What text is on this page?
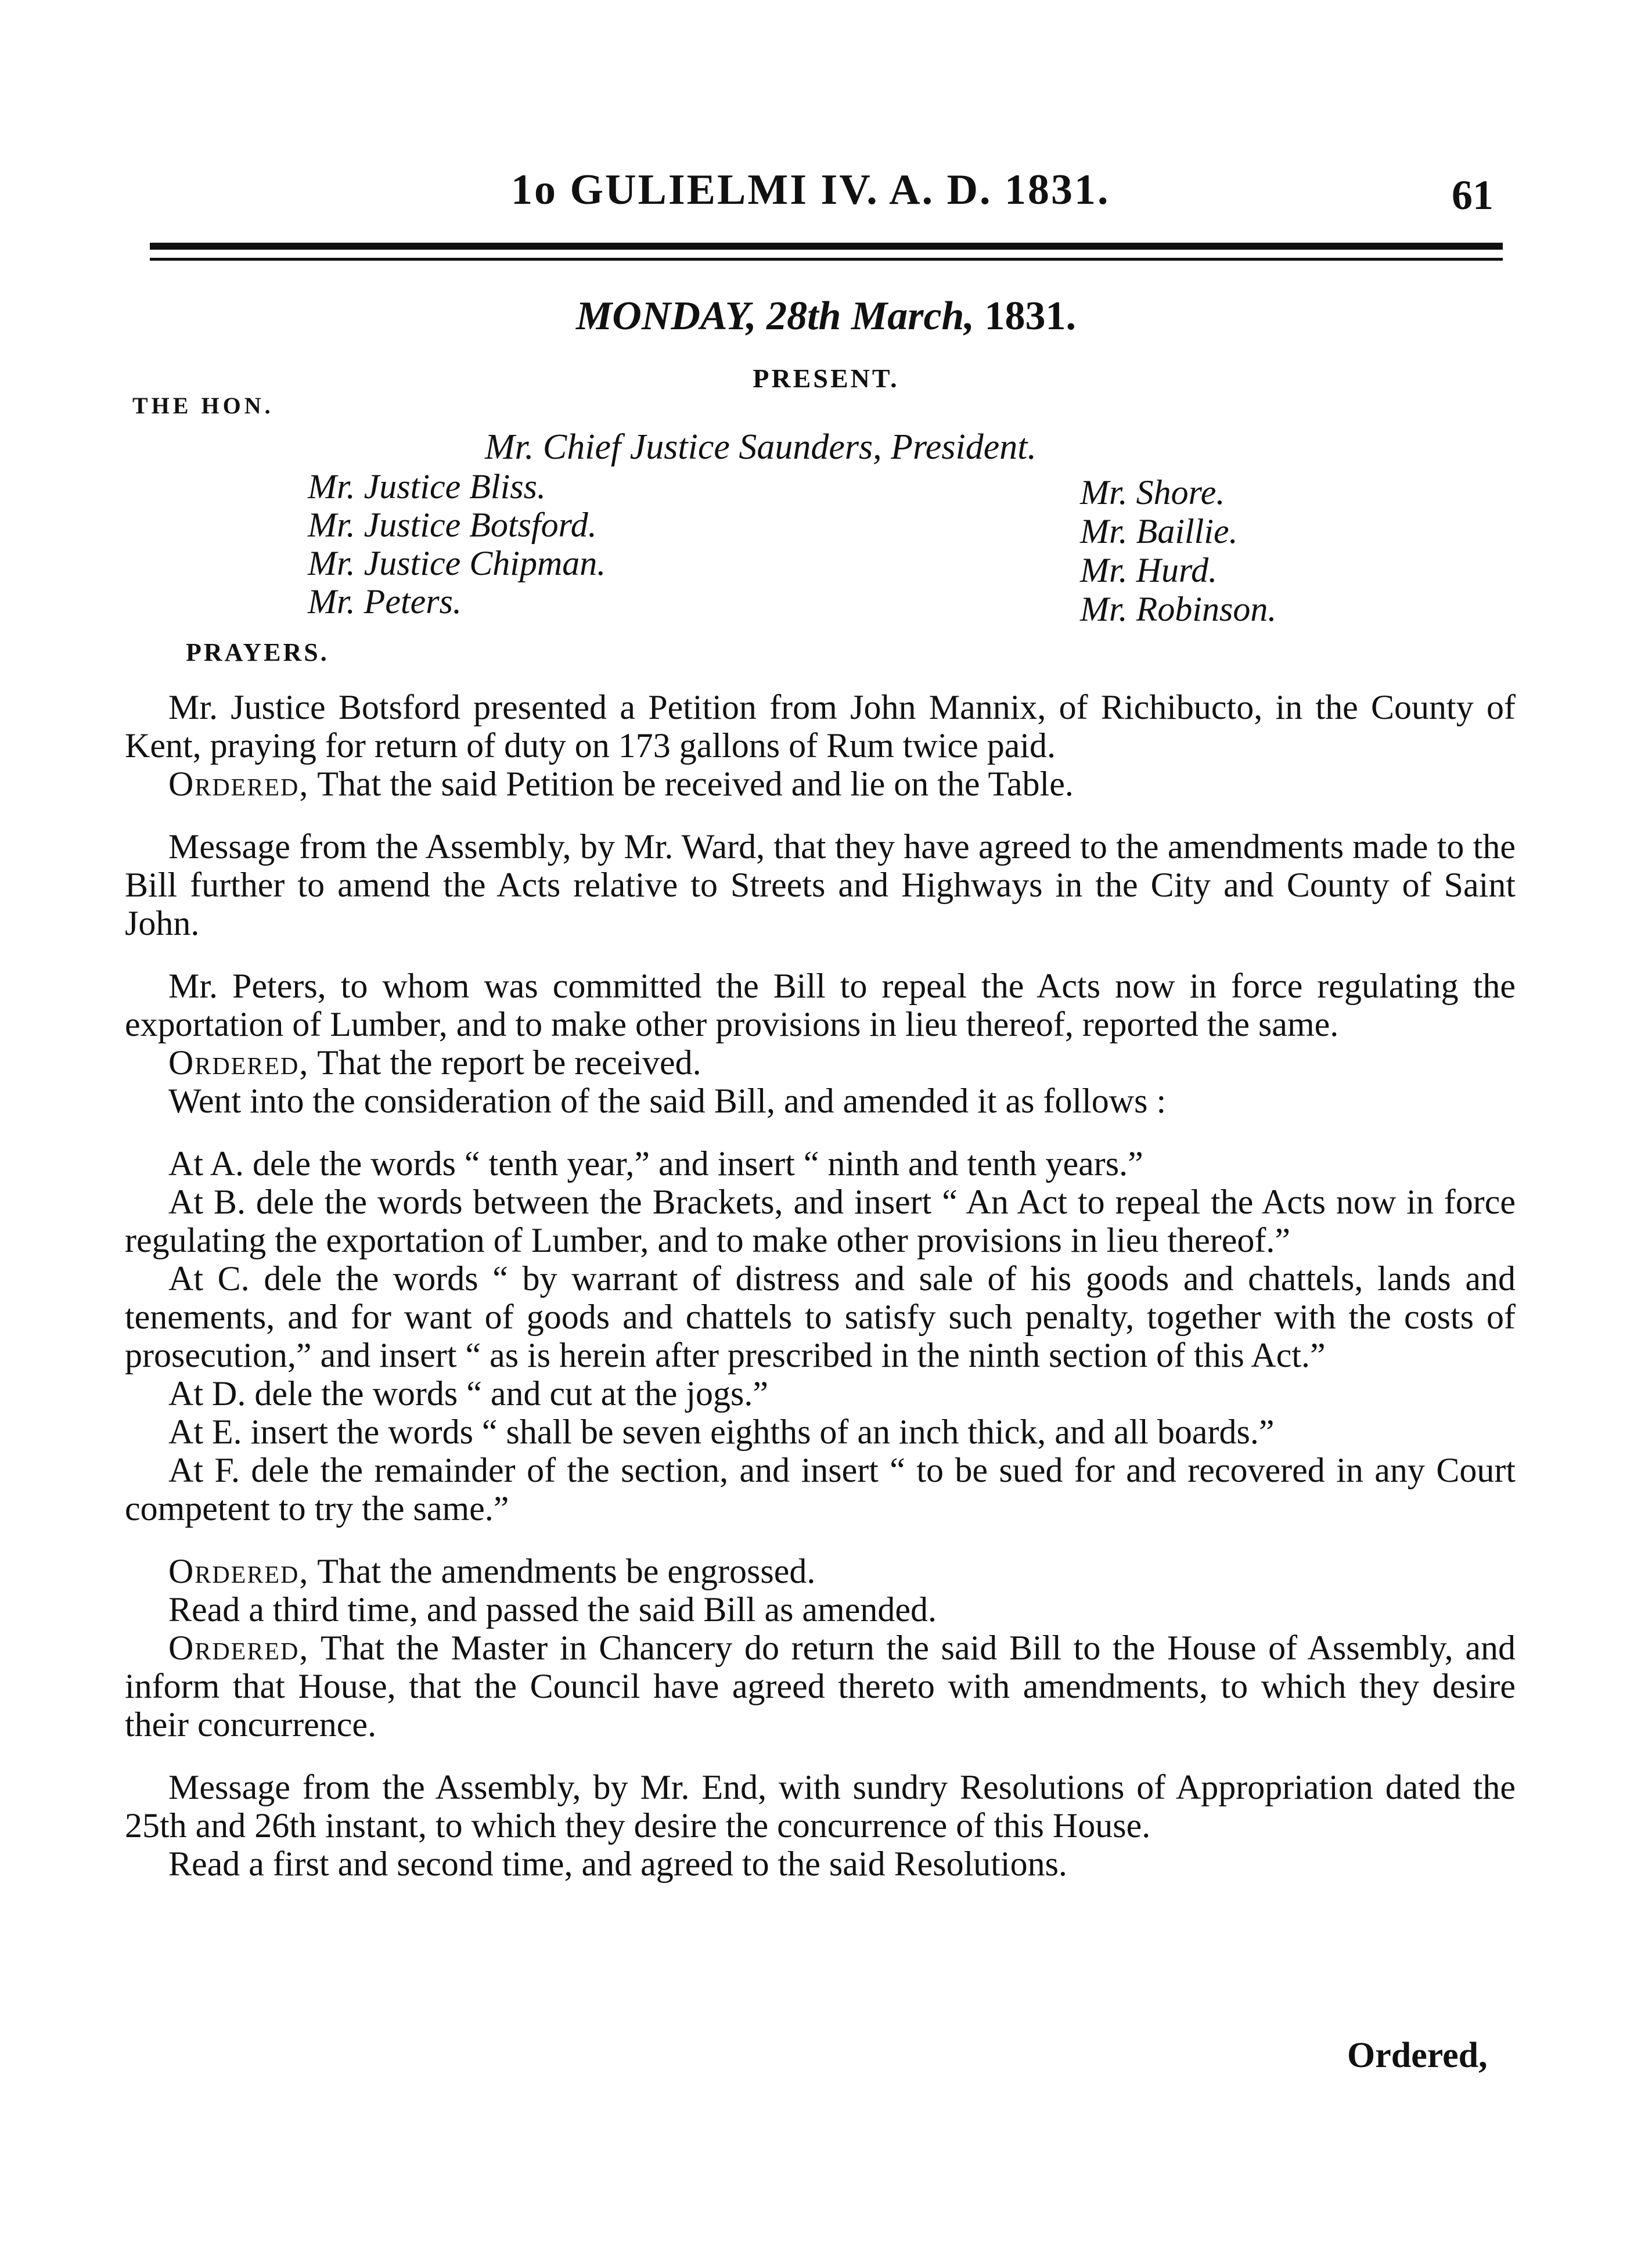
1o GULIELMI IV. A. D. 1831.	61
MONDAY, 28th March, 1831.
PRESENT.
THE HON.
Mr. Chief Justice Saunders, President.
Mr. Justice Bliss.
Mr. Justice Botsford.
Mr. Justice Chipman.
Mr. Peters.
Mr. Shore.
Mr. Baillie.
Mr. Hurd.
Mr. Robinson.
PRAYERS.

Mr. Justice Botsford presented a Petition from John Mannix, of Richibucto, in the County of Kent, praying for return of duty on 173 gallons of Rum twice paid.

Ordered, That the said Petition be received and lie on the Table.

Message from the Assembly, by Mr. Ward, that they have agreed to the amendments made to the Bill further to amend the Acts relative to Streets and Highways in the City and County of Saint John.

Mr. Peters, to whom was committed the Bill to repeal the Acts now in force regulating the exportation of Lumber, and to make other provisions in lieu thereof, reported the same.

Ordered, That the report be received.

Went into the consideration of the said Bill, and amended it as follows :

At A. dele the words “ tenth year,” and insert “ ninth and tenth years.”

At B. dele the words between the Brackets, and insert “ An Act to repeal the Acts now in force regulating the exportation of Lumber, and to make other provisions in lieu thereof.”

At C. dele the words “ by warrant of distress and sale of his goods and chattels, lands and tenements, and for want of goods and chattels to satisfy such penalty, together with the costs of prosecution,” and insert “ as is herein after prescribed in the ninth section of this Act.”

At D. dele the words “ and cut at the jogs.”

At E. insert the words “ shall be seven eighths of an inch thick, and all boards.”

At F. dele the remainder of the section, and insert “ to be sued for and recovered in any Court competent to try the same.”

Ordered, That the amendments be engrossed.

Read a third time, and passed the said Bill as amended.

Ordered, That the Master in Chancery do return the said Bill to the House of Assembly, and inform that House, that the Council have agreed thereto with amendments, to which they desire their concurrence.

Message from the Assembly, by Mr. End, with sundry Resolutions of Appropriation dated the 25th and 26th instant, to which they desire the concurrence of this House.

Read a first and second time, and agreed to the said Resolutions.

Ordered,
